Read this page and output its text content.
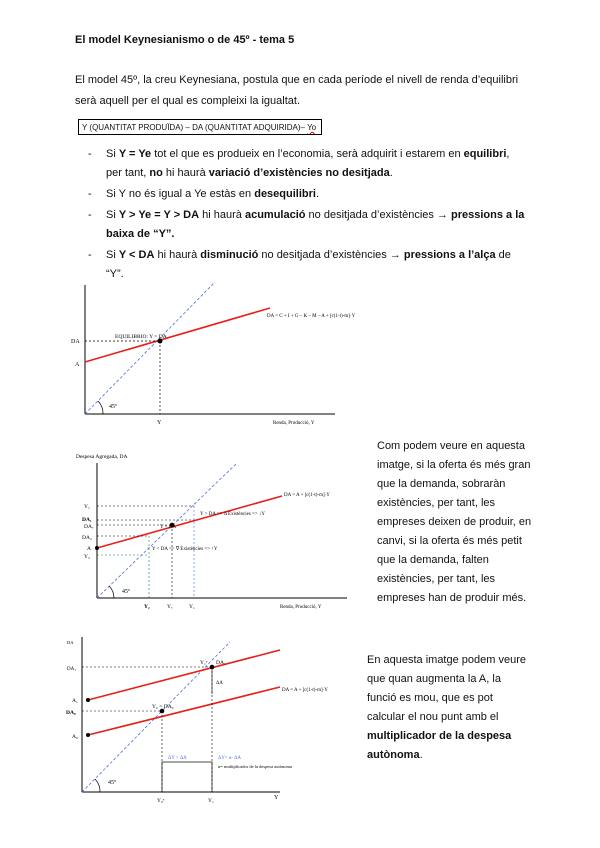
El model Keynesianismo o de 45º - tema 5
El model 45º, la creu Keynesiana, postula que en cada període el nivell de renda d’equilibri serà aquell per el qual es compleixi la igualtat.
Y (QUANTITAT PRODUÏDA) – DA (QUANTITAT ADQUIRIDA)– Yo
- Si Y = Ye tot el que es produeix en l’economia, serà adquirit i estarem en equilibri, per tant, no hi haurà variació d’existències no desitjada.
- Si Y no és igual a Ye estàs en desequilibri.
- Si Y > Ye = Y > DA hi haurà acumulació no desitjada d’existències → pressions a la baixa de “Y”.
- Si Y < DA hi haurà disminució no desitjada d’existències → pressions a l’alça de “Y”.
DA
A
EQUILIBRIO: Y = DA
DA = C + I + G – K – M – A + [c(1-t)-m]·Y
45º
Y	Renda, Producció, Y
Despesa Agregada, DA
Y₁
DA₁
DAₑ
DA₂
A
Y₂
DA = A + [c(1-t)-m]·Y
Y > DA => Δ Existències => ↓Y
Y = DA
Y < DA => ∇ Existències => ↑Y
45º
Y₂	Yₑ	Y₁	Renda, Producció, Y
DA
DA₁
A₁
DA₀
A₀
Y₁ᵉ DA₁
ΔA
DA = A + [c(1-t)-m]·Y
Y₀ = DA₀
ΔY > ΔA	ΔY= α· ΔA
α= multiplicador de la despesa autònoma
45º
Y₀ᵉ	Y₁	Y
Com podem veure en aquesta imatge, si la oferta és més gran que la demanda, sobraràn existències, per tant, les empreses deixen de produir, en canvi, si la oferta és més petit que la demanda, falten existències, per tant, les empreses han de produir més.
En aquesta imatge podem veure que quan augmenta la A, la funció es mou, que es pot calcular el nou punt amb el multiplicador de la despesa autònoma.
